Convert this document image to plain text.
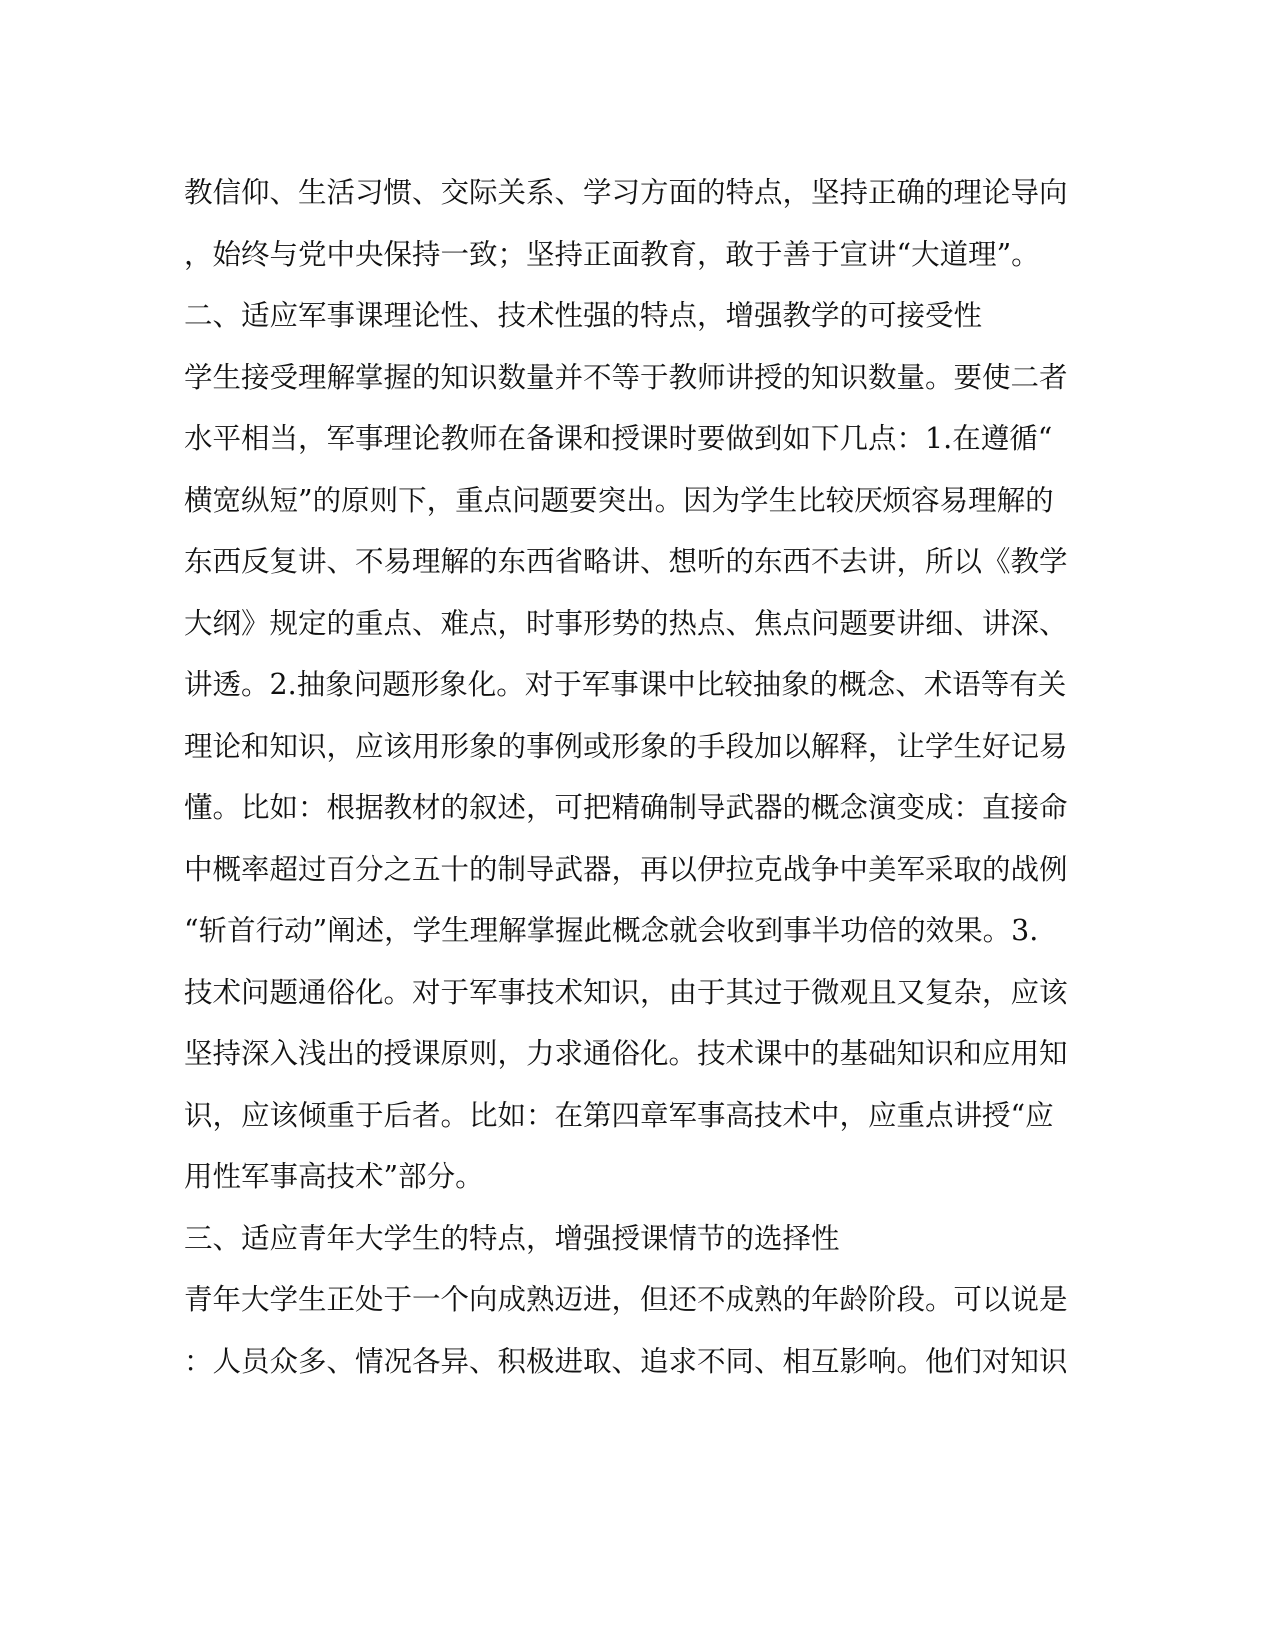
教信仰、生活习惯、交际关系、学习方面的特点，坚持正确的理论导向
，始终与党中央保持一致；坚持正面教育，敢于善于宣讲“大道理”。
二、适应军事课理论性、技术性强的特点，增强教学的可接受性
学生接受理解掌握的知识数量并不等于教师讲授的知识数量。要使二者
水平相当，军事理论教师在备课和授课时要做到如下几点：1.在遵循“
横宽纵短”的原则下，重点问题要突出。因为学生比较厌烦容易理解的
东西反复讲、不易理解的东西省略讲、想听的东西不去讲，所以《教学
大纲》规定的重点、难点，时事形势的热点、焦点问题要讲细、讲深、
讲透。2.抽象问题形象化。对于军事课中比较抽象的概念、术语等有关
理论和知识，应该用形象的事例或形象的手段加以解释，让学生好记易
懂。比如：根据教材的叙述，可把精确制导武器的概念演变成：直接命
中概率超过百分之五十的制导武器，再以伊拉克战争中美军采取的战例
“斩首行动”阐述，学生理解掌握此概念就会收到事半功倍的效果。3.
技术问题通俗化。对于军事技术知识，由于其过于微观且又复杂，应该
坚持深入浅出的授课原则，力求通俗化。技术课中的基础知识和应用知
识，应该倾重于后者。比如：在第四章军事高技术中，应重点讲授“应
用性军事高技术”部分。
三、适应青年大学生的特点，增强授课情节的选择性
青年大学生正处于一个向成熟迈进，但还不成熟的年龄阶段。可以说是
：人员众多、情况各异、积极进取、追求不同、相互影响。他们对知识
